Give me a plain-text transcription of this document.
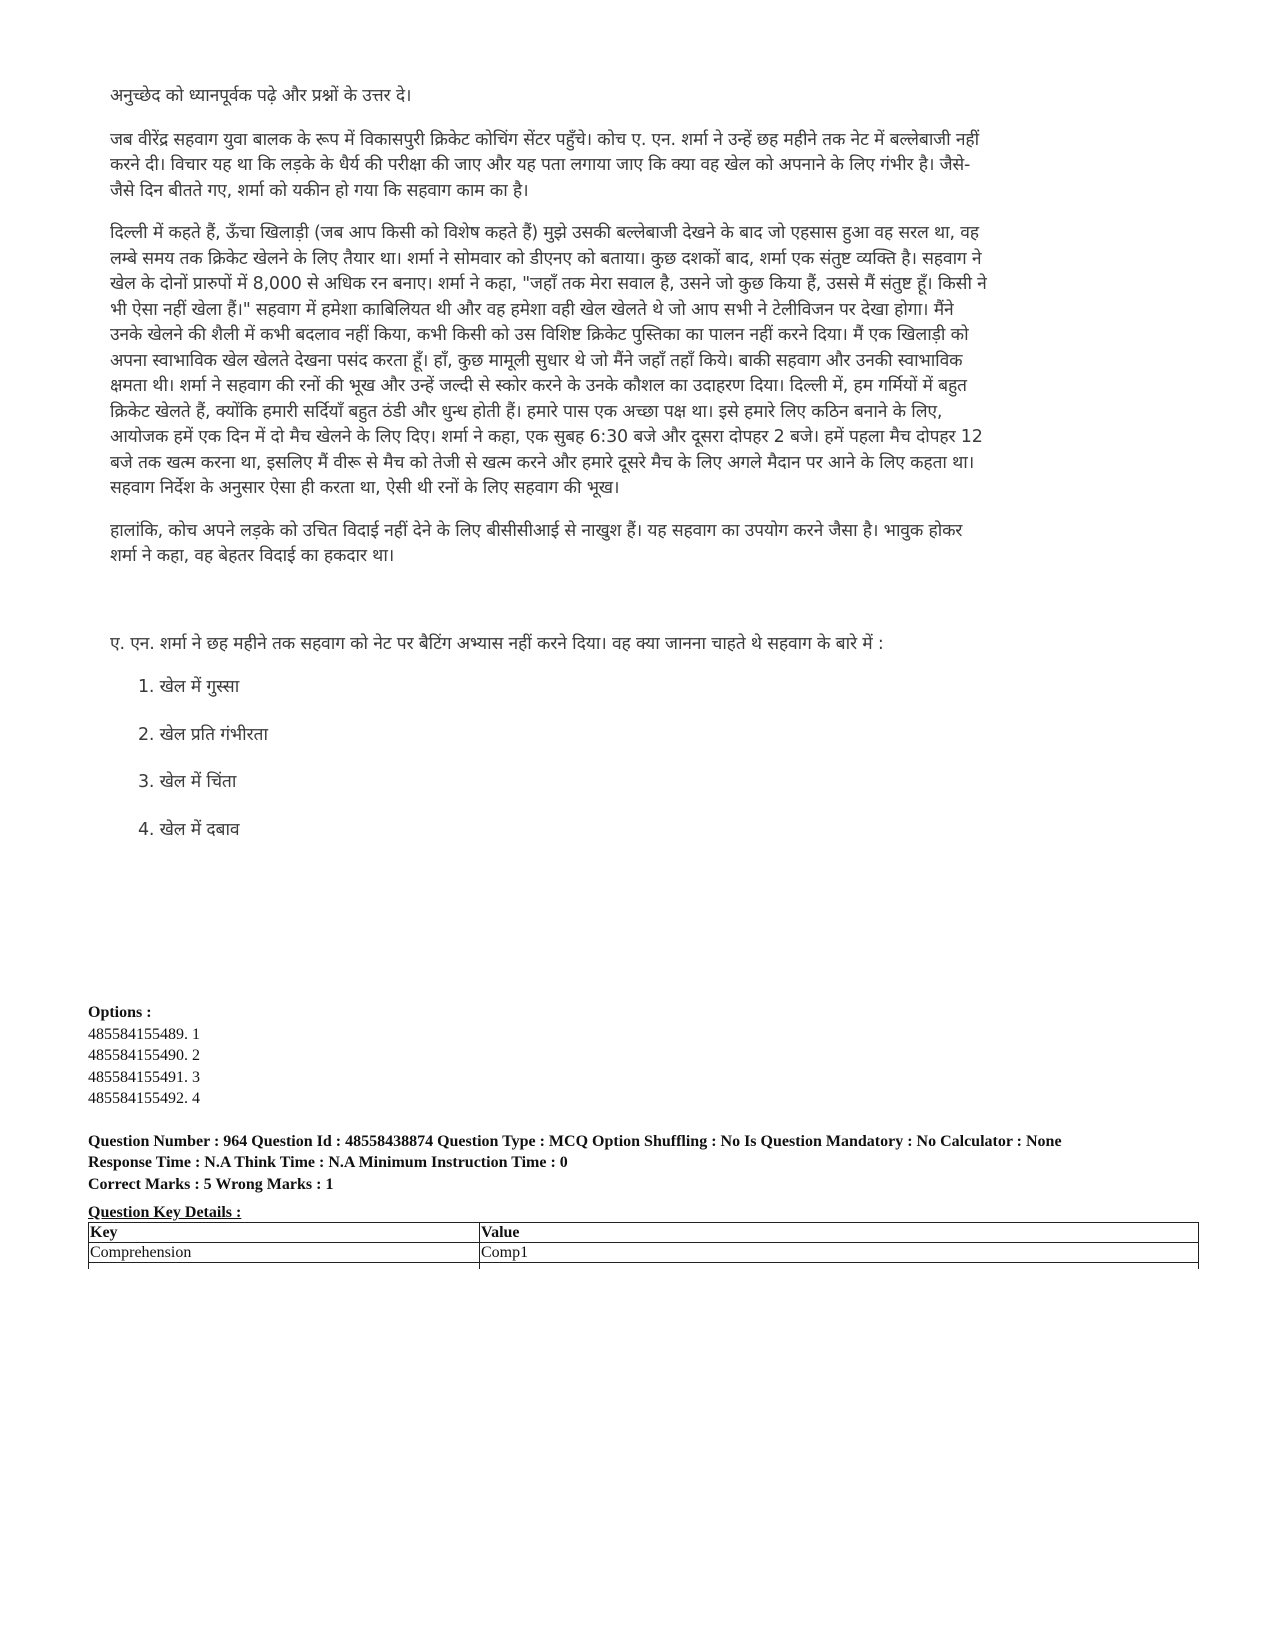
अनुच्छेद को ध्यानपूर्वक पढ़े और प्रश्नों के उत्तर दे।

जब वीरेंद्र सहवाग युवा बालक के रूप में विकासपुरी क्रिकेट कोचिंग सेंटर पहुँचे। कोच ए. एन. शर्मा ने उन्हें छह महीने तक नेट में बल्लेबाजी नहीं करने दी। विचार यह था कि लड़के के धैर्य की परीक्षा की जाए और यह पता लगाया जाए कि क्या वह खेल को अपनाने के लिए गंभीर है। जैसे-जैसे दिन बीतते गए, शर्मा को यकीन हो गया कि सहवाग काम का है।

दिल्ली में कहते हैं, ऊँचा खिलाड़ी (जब आप किसी को विशेष कहते हैं) मुझे उसकी बल्लेबाजी देखने के बाद जो एहसास हुआ वह सरल था, वह लम्बे समय तक क्रिकेट खेलने के लिए तैयार था। शर्मा ने सोमवार को डीएनए को बताया। कुछ दशकों बाद, शर्मा एक संतुष्ट व्यक्ति है। सहवाग ने खेल के दोनों प्रारुपों में 8,000 से अधिक रन बनाए। शर्मा ने कहा, "जहाँ तक मेरा सवाल है, उसने जो कुछ किया हैं, उससे मैं संतुष्ट हूँ। किसी ने भी ऐसा नहीं खेला हैं।" सहवाग में हमेशा काबिलियत थी और वह हमेशा वही खेल खेलते थे जो आप सभी ने टेलीविजन पर देखा होगा। मैंने उनके खेलने की शैली में कभी बदलाव नहीं किया, कभी किसी को उस विशिष्ट क्रिकेट पुस्तिका का पालन नहीं करने दिया। मैं एक खिलाड़ी को अपना स्वाभाविक खेल खेलते देखना पसंद करता हूँ। हाँ, कुछ मामूली सुधार थे जो मैंने जहाँ तहाँ किये। बाकी सहवाग और उनकी स्वाभाविक क्षमता थी। शर्मा ने सहवाग की रनों की भूख और उन्हें जल्दी से स्कोर करने के उनके कौशल का उदाहरण दिया। दिल्ली में, हम गर्मियों में बहुत क्रिकेट खेलते हैं, क्योंकि हमारी सर्दियाँ बहुत ठंडी और धुन्ध होती हैं। हमारे पास एक अच्छा पक्ष था। इसे हमारे लिए कठिन बनाने के लिए, आयोजक हमें एक दिन में दो मैच खेलने के लिए दिए। शर्मा ने कहा, एक सुबह 6:30 बजे और दूसरा दोपहर 2 बजे। हमें पहला मैच दोपहर 12 बजे तक खत्म करना था, इसलिए मैं वीरू से मैच को तेजी से खत्म करने और हमारे दूसरे मैच के लिए अगले मैदान पर आने के लिए कहता था। सहवाग निर्देश के अनुसार ऐसा ही करता था, ऐसी थी रनों के लिए सहवाग की भूख।

हालांकि, कोच अपने लड़के को उचित विदाई नहीं देने के लिए बीसीसीआई से नाखुश हैं। यह सहवाग का उपयोग करने जैसा है। भावुक होकर शर्मा ने कहा, वह बेहतर विदाई का हकदार था।

ए. एन. शर्मा ने छह महीने तक सहवाग को नेट पर बैटिंग अभ्यास नहीं करने दिया। वह क्या जानना चाहते थे सहवाग के बारे में :

1. खेल में गुस्सा

2. खेल प्रति गंभीरता

3. खेल में चिंता

4. खेल में दबाव

Options :
485584155489. 1
485584155490. 2
485584155491. 3
485584155492. 4
Question Number : 964 Question Id : 48558438874 Question Type : MCQ Option Shuffling : No Is Question Mandatory : No Calculator : None
Response Time : N.A Think Time : N.A Minimum Instruction Time : 0
Correct Marks : 5 Wrong Marks : 1
Question Key Details :
Key	Value
Comprehension	Comp1
